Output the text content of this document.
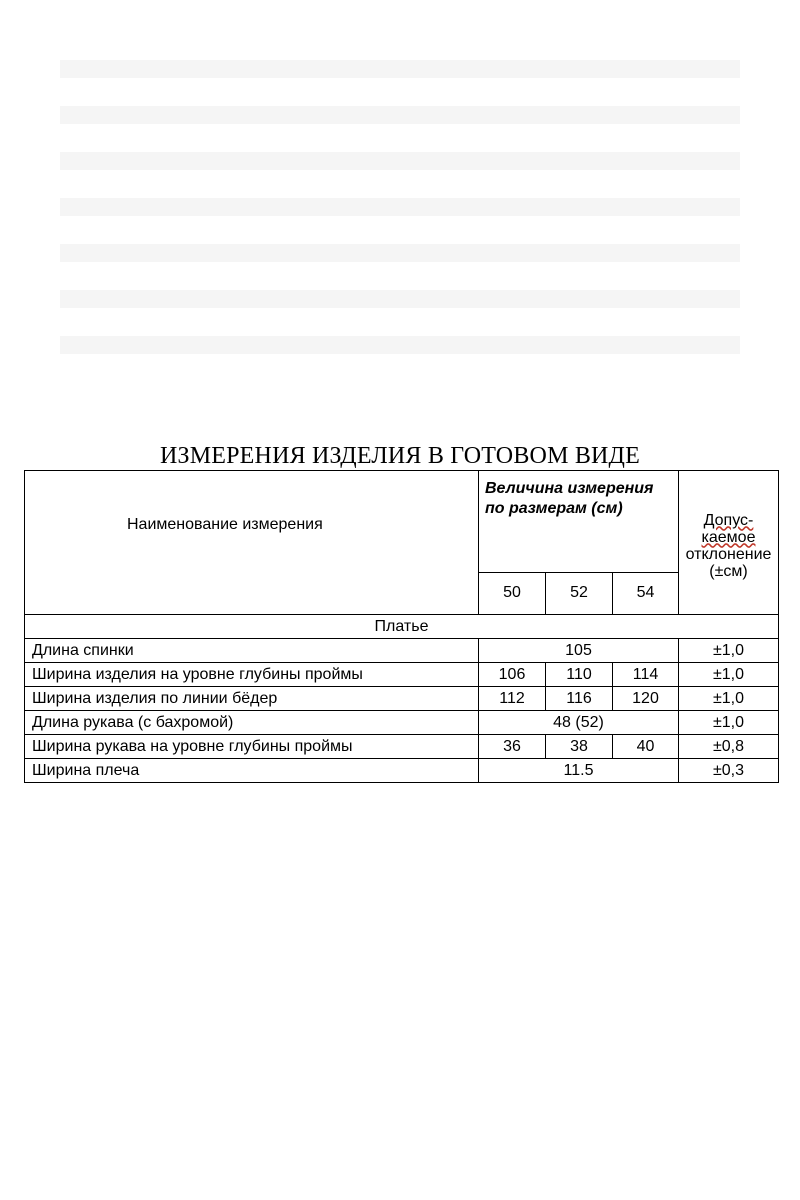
ИЗМЕРЕНИЯ ИЗДЕЛИЯ В ГОТОВОМ ВИДЕ
Наименование измерения	Величина измерения по размерам (см)			Допус-
каемое
отклонение
(±см)
	50	52	54	
Платье				
Длина спинки	105			±1,0
Ширина изделия на уровне глубины проймы	106	110	114	±1,0
Ширина изделия по линии бёдер	112	116	120	±1,0
Длина рукава (с бахромой)	48 (52)			±1,0
Ширина рукава на уровне глубины проймы	36	38	40	±0,8
Ширина плеча	11.5			±0,3
